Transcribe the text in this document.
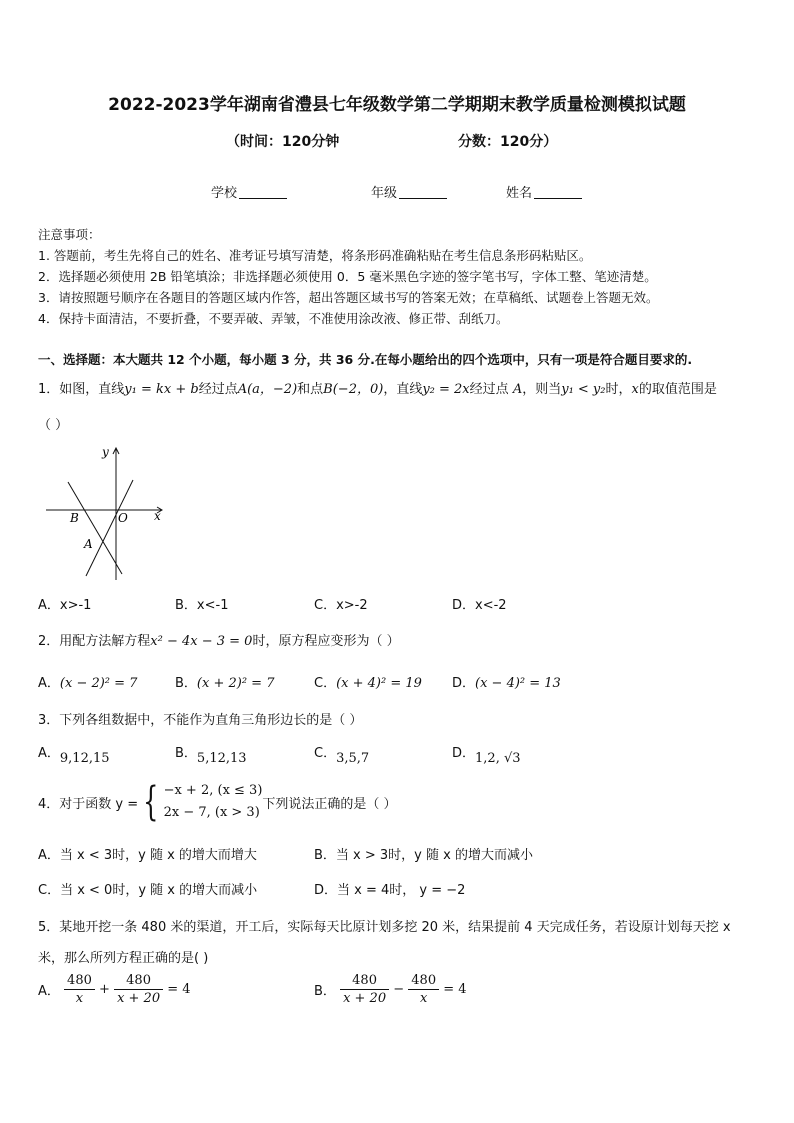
2022-2023学年湖南省澧县七年级数学第二学期期末教学质量检测模拟试题
（时间：120分钟	分数：120分）
学校	年级	姓名
注意事项：
1. 答题前，考生先将自己的姓名、准考证号填写清楚，将条形码准确粘贴在考生信息条形码粘贴区。
2．选择题必须使用 2B 铅笔填涂；非选择题必须使用 0．5 毫米黑色字迹的签字笔书写，字体工整、笔迹清楚。
3．请按照题号顺序在各题目的答题区域内作答，超出答题区域书写的答案无效；在草稿纸、试题卷上答题无效。
4．保持卡面清洁，不要折叠，不要弄破、弄皱，不准使用涂改液、修正带、刮纸刀。
一、选择题：本大题共 12 个小题，每小题 3 分，共 36 分.在每小题给出的四个选项中，只有一项是符合题目要求的.
1．如图，直线y₁ = kx + b经过点A(a，−2)和点B(−2，0)，直线y₂ = 2x经过点 A，则当y₁ < y₂时，x的取值范围是
（ ）
y
x
B	O
A
A．x>-1	B．x<-1	C．x>-2	D．x<-2
2．用配方法解方程x² − 4x − 3 = 0时，原方程应变形为（ ）
A．(x − 2)² = 7	B．(x + 2)² = 7	C．(x + 4)² = 19 D．(x − 4)² = 13
3．下列各组数据中，不能作为直角三角形边长的是（ ）
A．9,12,15	B．5,12,13	C．3,5,7	D．1,2, √3
4．对于函数 y = { −x + 2, (x ≤ 3)
2x − 7, (x > 3)
下列说法正确的是（ ）
A．当 x < 3时，y 随 x 的增大而增大	B．当 x > 3时，y 随 x 的增大而减小
C．当 x < 0时，y 随 x 的增大而减小	D．当 x = 4时， y = −2
5．某地开挖一条 480 米的渠道，开工后，实际每天比原计划多挖 20 米，结果提前 4 天完成任务，若设原计划每天挖 x
米，那么所列方程正确的是( )
A． $\frac{480}{x} + \frac{480}{x + 20} = 4$	B． $\frac{480}{x + 20} - \frac{480}{x} = 4$
